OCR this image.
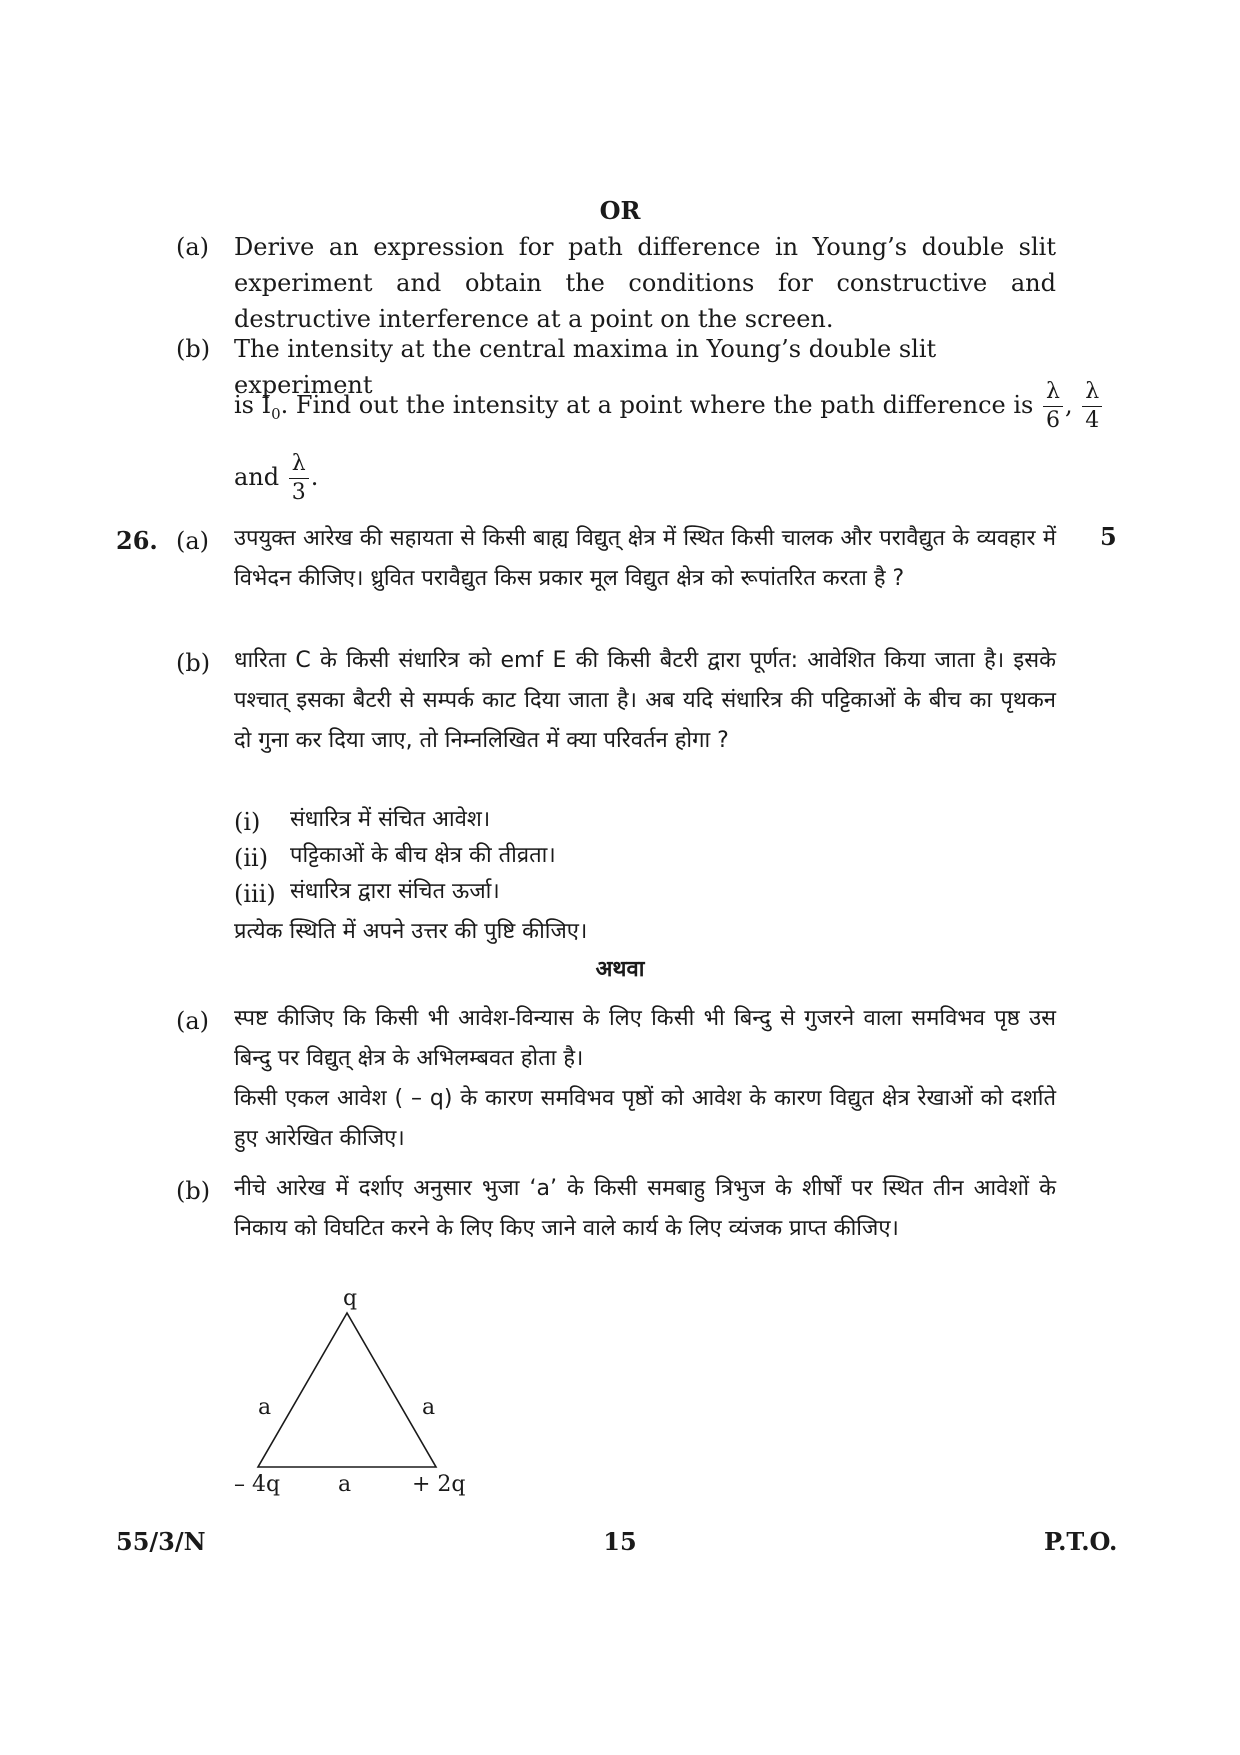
OR
(a) Derive an expression for path difference in Young’s double slit experiment and obtain the conditions for constructive and destructive interference at a point on the screen.
(b) The intensity at the central maxima in Young’s double slit experiment
is $I_0$. Find out the intensity at a point where the path difference is $\frac{\lambda}{6}$ , $\frac{\lambda}{4}$
and $\frac{\lambda}{3}$ .
26. (a) उपयुक्त आरेख की सहायता से किसी बाह्य विद्युत् क्षेत्र में स्थित किसी चालक और परावैद्युत के व्यवहार में विभेदन कीजिए। ध्रुवित परावैद्युत किस प्रकार मूल विद्युत क्षेत्र को रूपांतरित करता है ?
5
(b) धारिता C के किसी संधारित्र को emf E की किसी बैटरी द्वारा पूर्णत: आवेशित किया जाता है। इसके पश्चात् इसका बैटरी से सम्पर्क काट दिया जाता है। अब यदि संधारित्र की पट्टिकाओं के बीच का पृथकन दो गुना कर दिया जाए, तो निम्नलिखित में क्या परिवर्तन होगा ?
(i) संधारित्र में संचित आवेश।
(ii) पट्टिकाओं के बीच क्षेत्र की तीव्रता।
(iii) संधारित्र द्वारा संचित ऊर्जा।
प्रत्येक स्थिति में अपने उत्तर की पुष्टि कीजिए।
अथवा
(a) स्पष्ट कीजिए कि किसी भी आवेश-विन्यास के लिए किसी भी बिन्दु से गुजरने वाला समविभव पृष्ठ उस बिन्दु पर विद्युत् क्षेत्र के अभिलम्बवत होता है।
किसी एकल आवेश ( – q) के कारण समविभव पृष्ठों को आवेश के कारण विद्युत क्षेत्र रेखाओं को दर्शाते हुए आरेखित कीजिए।
(b) नीचे आरेख में दर्शाए अनुसार भुजा ‘a’ के किसी समबाहु त्रिभुज के शीर्षों पर स्थित तीन आवेशों के निकाय को विघटित करने के लिए किए जाने वाले कार्य के लिए व्यंजक प्राप्त कीजिए।
q
a	a
a
– 4q	+ 2q
55/3/N	15	P.T.O.
